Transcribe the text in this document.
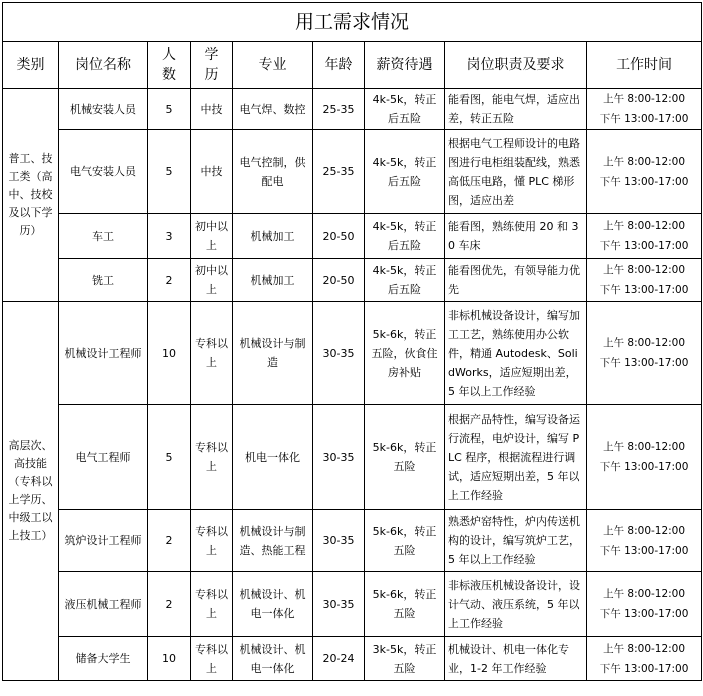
用工需求情况								
类别	岗位名称	人数	学历	专业	年龄	薪资待遇	岗位职责及要求	工作时间
普工、技工类（高中、技校及以下学历）	机械安装人员	5	中技	电气焊、数控	25-35	4k-5k，转正后五险	能看图，能电气焊，适应出差，转正五险	上午 8:00-12:00
下午 13:00-17:00
	电气安装人员	5	中技	电气控制，供配电	25-35	4k-5k，转正后五险	根据电气工程师设计的电路图进行电柜组装配线，熟悉高低压电路，懂 PLC 梯形图，适应出差	上午 8:00-12:00
下午 13:00-17:00
	车工	3	初中以上	机械加工	20-50	4k-5k，转正后五险	能看图，熟练使用 20 和 30 车床	上午 8:00-12:00
下午 13:00-17:00
	铣工	2	初中以上	机械加工	20-50	4k-5k，转正后五险	能看图优先，有领导能力优先	上午 8:00-12:00
下午 13:00-17:00
高层次、高技能（专科以上学历、中级工以上技工）	机械设计工程师	10	专科以上	机械设计与制造	30-35	5k-6k，转正五险，伙食住房补贴	非标机械设备设计，编写加工工艺，熟练使用办公软件，精通 Autodesk、SolidWorks，适应短期出差，5 年以上工作经验	上午 8:00-12:00
下午 13:00-17:00
	电气工程师	5	专科以上	机电一体化	30-35	5k-6k，转正五险	根据产品特性，编写设备运行流程，电炉设计，编写 PLC 程序，根据流程进行调试，适应短期出差，5 年以上工作经验	上午 8:00-12:00
下午 13:00-17:00
	筑炉设计工程师	2	专科以上	机械设计与制造、热能工程	30-35	5k-6k，转正五险	熟悉炉窑特性，炉内传送机构的设计，编写筑炉工艺，5 年以上工作经验	上午 8:00-12:00
下午 13:00-17:00
	液压机械工程师	2	专科以上	机械设计、机电一体化	30-35	5k-6k，转正五险	非标液压机械设备设计，设计气动、液压系统，5 年以上工作经验	上午 8:00-12:00
下午 13:00-17:00
	储备大学生	10	专科以上	机械设计、机电一体化	20-24	3k-5k，转正五险	机械设计、机电一体化专业，1-2 年工作经验	上午 8:00-12:00
下午 13:00-17:00
